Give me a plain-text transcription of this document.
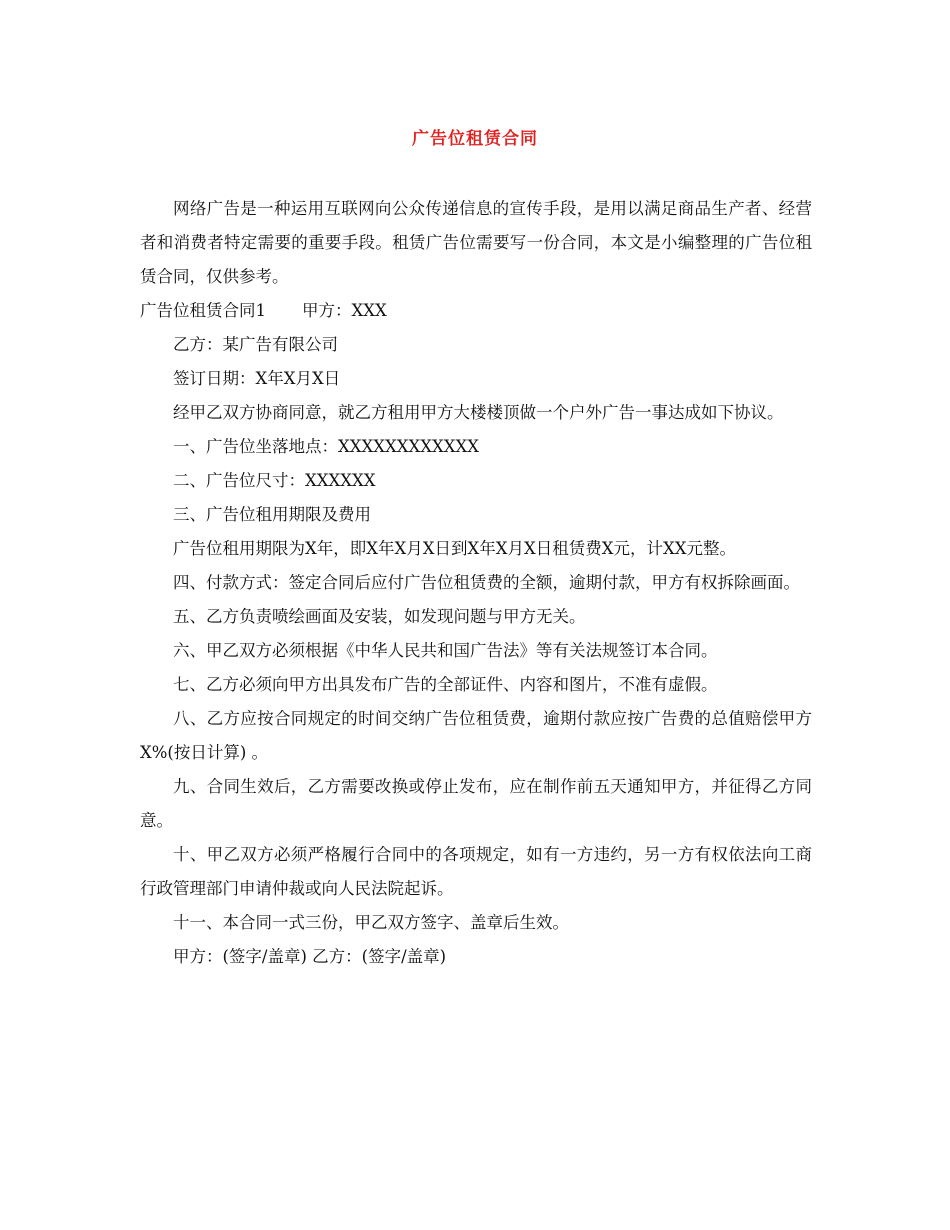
广告位租赁合同

网络广告是一种运用互联网向公众传递信息的宣传手段，是用以满足商品生产者、经营者和消费者特定需要的重要手段。租赁广告位需要写一份合同，本文是小编整理的广告位租赁合同，仅供参考。

广告位租赁合同1 甲方：XXX

乙方：某广告有限公司

签订日期：X年X月X日

经甲乙双方协商同意，就乙方租用甲方大楼楼顶做一个户外广告一事达成如下协议。

一、广告位坐落地点：XXXXXXXXXXXX

二、广告位尺寸：XXXXXX

三、广告位租用期限及费用

广告位租用期限为X年，即X年X月X日到X年X月X日租赁费X元，计XX元整。

四、付款方式：签定合同后应付广告位租赁费的全额，逾期付款，甲方有权拆除画面。

五、乙方负责喷绘画面及安装，如发现问题与甲方无关。

六、甲乙双方必须根据《中华人民共和国广告法》等有关法规签订本合同。

七、乙方必须向甲方出具发布广告的全部证件、内容和图片，不准有虚假。

八、乙方应按合同规定的时间交纳广告位租赁费，逾期付款应按广告费的总值赔偿甲方 X%(按日计算) 。

九、合同生效后，乙方需要改换或停止发布，应在制作前五天通知甲方，并征得乙方同意。

十、甲乙双方必须严格履行合同中的各项规定，如有一方违约，另一方有权依法向工商行政管理部门申请仲裁或向人民法院起诉。

十一、本合同一式三份，甲乙双方签字、盖章后生效。

甲方：(签字/盖章) 乙方：(签字/盖章)
